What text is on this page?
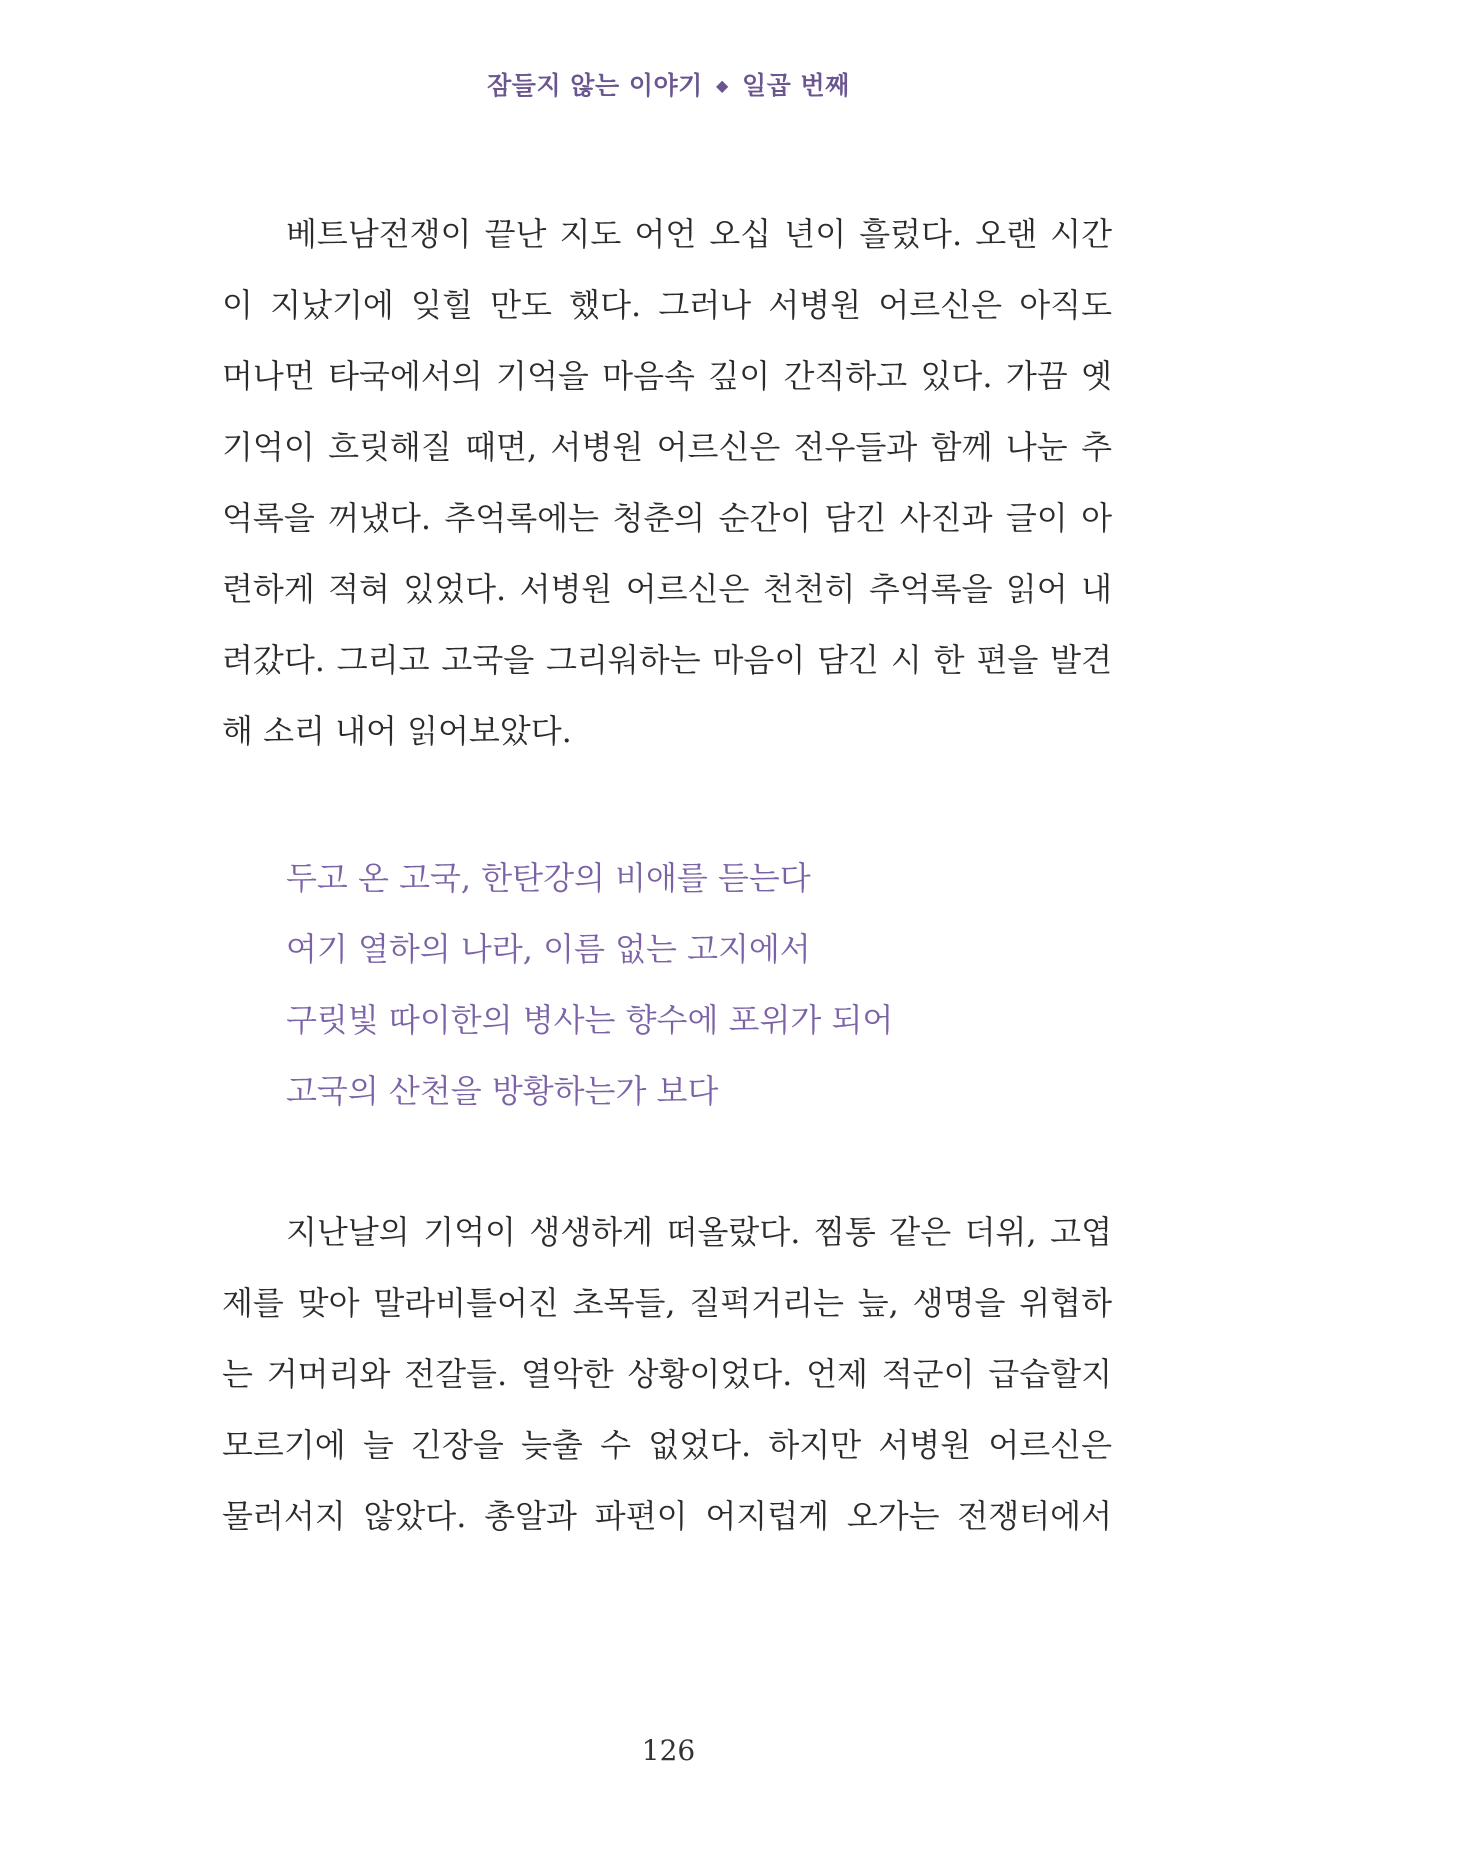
잠들지 않는 이야기 ◆ 일곱 번째
베트남전쟁이 끝난 지도 어언 오십 년이 흘렀다. 오랜 시간
이 지났기에 잊힐 만도 했다. 그러나 서병원 어르신은 아직도
머나먼 타국에서의 기억을 마음속 깊이 간직하고 있다. 가끔 옛
기억이 흐릿해질 때면, 서병원 어르신은 전우들과 함께 나눈 추
억록을 꺼냈다. 추억록에는 청춘의 순간이 담긴 사진과 글이 아
련하게 적혀 있었다. 서병원 어르신은 천천히 추억록을 읽어 내
려갔다. 그리고 고국을 그리워하는 마음이 담긴 시 한 편을 발견
해 소리 내어 읽어보았다.
두고 온 고국, 한탄강의 비애를 듣는다
여기 열하의 나라, 이름 없는 고지에서
구릿빛 따이한의 병사는 향수에 포위가 되어
고국의 산천을 방황하는가 보다
지난날의 기억이 생생하게 떠올랐다. 찜통 같은 더위, 고엽
제를 맞아 말라비틀어진 초목들, 질퍽거리는 늪, 생명을 위협하
는 거머리와 전갈들. 열악한 상황이었다. 언제 적군이 급습할지
모르기에 늘 긴장을 늦출 수 없었다. 하지만 서병원 어르신은
물러서지 않았다. 총알과 파편이 어지럽게 오가는 전쟁터에서
126
